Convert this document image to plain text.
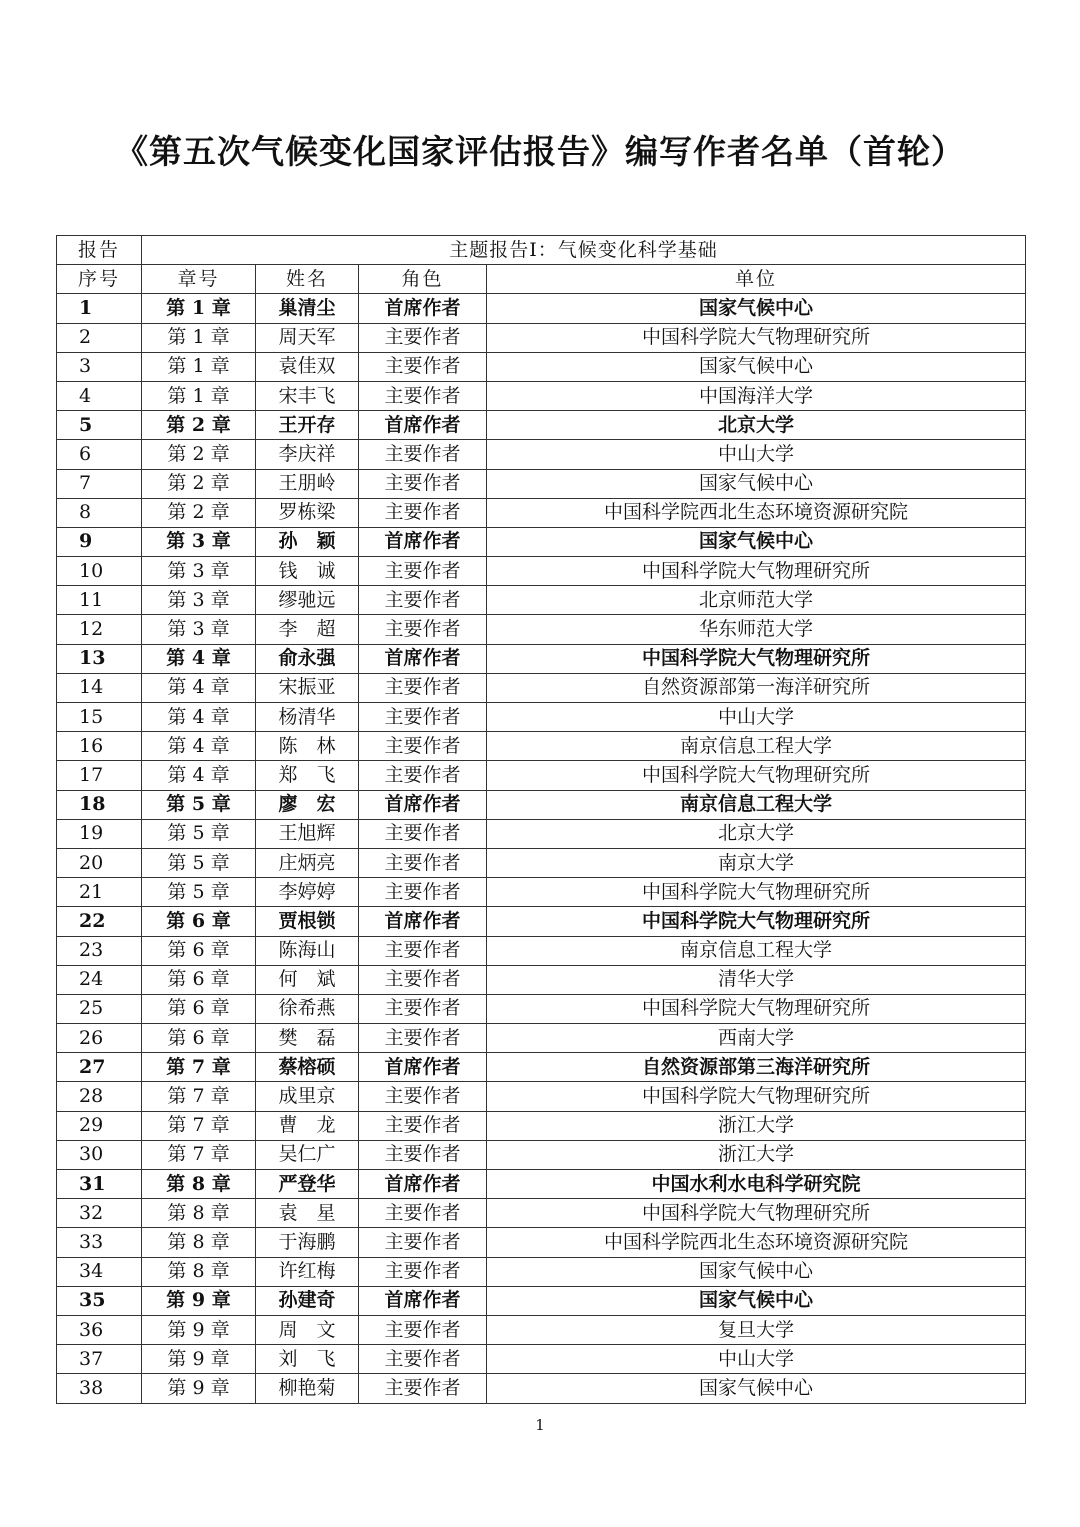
《第五次气候变化国家评估报告》编写作者名单（首轮）
报告	主题报告I：气候变化科学基础			
序号	章号	姓名	角色	单位
1	第 1 章	巢清尘	首席作者	国家气候中心
2	第 1 章	周天军	主要作者	中国科学院大气物理研究所
3	第 1 章	袁佳双	主要作者	国家气候中心
4	第 1 章	宋丰飞	主要作者	中国海洋大学
5	第 2 章	王开存	首席作者	北京大学
6	第 2 章	李庆祥	主要作者	中山大学
7	第 2 章	王朋岭	主要作者	国家气候中心
8	第 2 章	罗栋梁	主要作者	中国科学院西北生态环境资源研究院
9	第 3 章	孙　颖	首席作者	国家气候中心
10	第 3 章	钱　诚	主要作者	中国科学院大气物理研究所
11	第 3 章	缪驰远	主要作者	北京师范大学
12	第 3 章	李　超	主要作者	华东师范大学
13	第 4 章	俞永强	首席作者	中国科学院大气物理研究所
14	第 4 章	宋振亚	主要作者	自然资源部第一海洋研究所
15	第 4 章	杨清华	主要作者	中山大学
16	第 4 章	陈　林	主要作者	南京信息工程大学
17	第 4 章	郑　飞	主要作者	中国科学院大气物理研究所
18	第 5 章	廖　宏	首席作者	南京信息工程大学
19	第 5 章	王旭辉	主要作者	北京大学
20	第 5 章	庄炳亮	主要作者	南京大学
21	第 5 章	李婷婷	主要作者	中国科学院大气物理研究所
22	第 6 章	贾根锁	首席作者	中国科学院大气物理研究所
23	第 6 章	陈海山	主要作者	南京信息工程大学
24	第 6 章	何　斌	主要作者	清华大学
25	第 6 章	徐希燕	主要作者	中国科学院大气物理研究所
26	第 6 章	樊　磊	主要作者	西南大学
27	第 7 章	蔡榕硕	首席作者	自然资源部第三海洋研究所
28	第 7 章	成里京	主要作者	中国科学院大气物理研究所
29	第 7 章	曹　龙	主要作者	浙江大学
30	第 7 章	吴仁广	主要作者	浙江大学
31	第 8 章	严登华	首席作者	中国水利水电科学研究院
32	第 8 章	袁　星	主要作者	中国科学院大气物理研究所
33	第 8 章	于海鹏	主要作者	中国科学院西北生态环境资源研究院
34	第 8 章	许红梅	主要作者	国家气候中心
35	第 9 章	孙建奇	首席作者	国家气候中心
36	第 9 章	周　文	主要作者	复旦大学
37	第 9 章	刘　飞	主要作者	中山大学
38	第 9 章	柳艳菊	主要作者	国家气候中心
1
